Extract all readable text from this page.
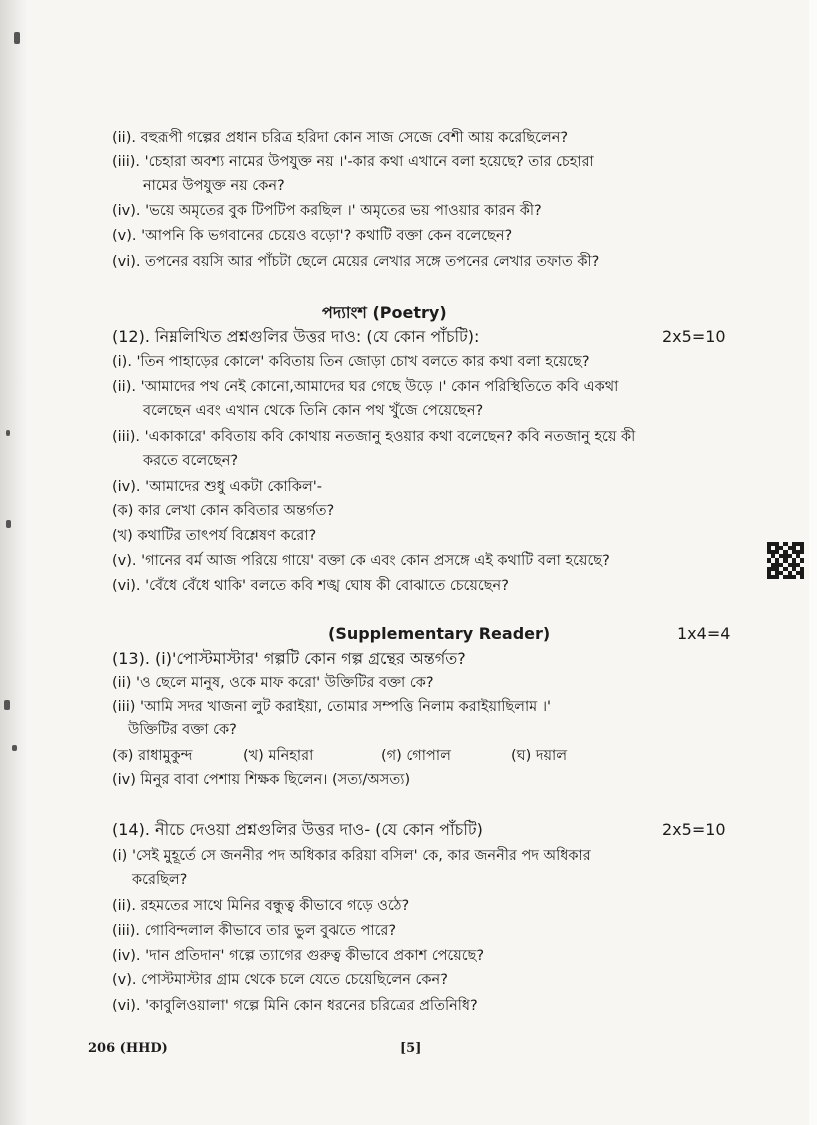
(ii). বহুরূপী গল্পের প্রধান চরিত্র হরিদা কোন সাজ সেজে বেশী আয় করেছিলেন?
(iii). 'চেহারা অবশ্য নামের উপযুক্ত নয় ।'-কার কথা এখানে বলা হয়েছে? তার চেহারা
নামের উপযুক্ত নয় কেন?
(iv). 'ভয়ে অমৃতের বুক টিপটিপ করছিল ।' অমৃতের ভয় পাওয়ার কারন কী?
(v). 'আপনি কি ভগবানের চেয়েও বড়ো'? কথাটি বক্তা কেন বলেছেন?
(vi). তপনের বয়সি আর পাঁচটা ছেলে মেয়ের লেখার সঙ্গে তপনের লেখার তফাত কী?
পদ্যাংশ (Poetry)
(12). নিম্নলিখিত প্রশ্নগুলির উত্তর দাও: (যে কোন পাঁচটি):	2x5=10
(i). 'তিন পাহাড়ের কোলে' কবিতায় তিন জোড়া চোখ বলতে কার কথা বলা হয়েছে?
(ii). 'আমাদের পথ নেই কোনো,আমাদের ঘর গেছে উড়ে ।' কোন পরিস্থিতিতে কবি একথা
বলেছেন এবং এখান থেকে তিনি কোন পথ খুঁজে পেয়েছেন?
(iii). 'একাকারে' কবিতায় কবি কোথায় নতজানু হওয়ার কথা বলেছেন? কবি নতজানু হয়ে কী
করতে বলেছেন?
(iv). 'আমাদের শুধু একটা কোকিল'-
(ক) কার লেখা কোন কবিতার অন্তর্গত?
(খ) কথাটির তাৎপর্য বিশ্লেষণ করো?
(v). 'গানের বর্ম আজ পরিয়ে গায়ে' বক্তা কে এবং কোন প্রসঙ্গে এই কথাটি বলা হয়েছে?
(vi). 'বেঁধে বেঁধে থাকি' বলতে কবি শঙ্খ ঘোষ কী বোঝাতে চেয়েছেন?
(Supplementary Reader)	1x4=4
(13). (i)'পোস্টমাস্টার' গল্পটি কোন গল্প গ্রন্থের অন্তর্গত?
(ii) 'ও ছেলে মানুষ, ওকে মাফ করো' উক্তিটির বক্তা কে?
(iii) 'আমি সদর খাজনা লুট করাইয়া, তোমার সম্পত্তি নিলাম করাইয়াছিলাম ।'
উক্তিটির বক্তা কে?
(ক) রাধামুকুন্দ	(খ) মনিহারা	(গ) গোপাল	(ঘ) দয়াল
(iv) মিনুর বাবা পেশায় শিক্ষক ছিলেন। (সত্য/অসত্য)
(14). নীচে দেওয়া প্রশ্নগুলির উত্তর দাও- (যে কোন পাঁচটি)	2x5=10
(i) 'সেই মুহূর্তে সে জননীর পদ অধিকার করিয়া বসিল' কে, কার জননীর পদ অধিকার
করেছিল?
(ii). রহমতের সাথে মিনির বন্ধুত্ব কীভাবে গড়ে ওঠে?
(iii). গোবিন্দলাল কীভাবে তার ভুল বুঝতে পারে?
(iv). 'দান প্রতিদান' গল্পে ত্যাগের গুরুত্ব কীভাবে প্রকাশ পেয়েছে?
(v). পোস্টমাস্টার গ্রাম থেকে চলে যেতে চেয়েছিলেন কেন?
(vi). 'কাবুলিওয়ালা' গল্পে মিনি কোন ধরনের চরিত্রের প্রতিনিধি?
206 (HHD)	[5]
